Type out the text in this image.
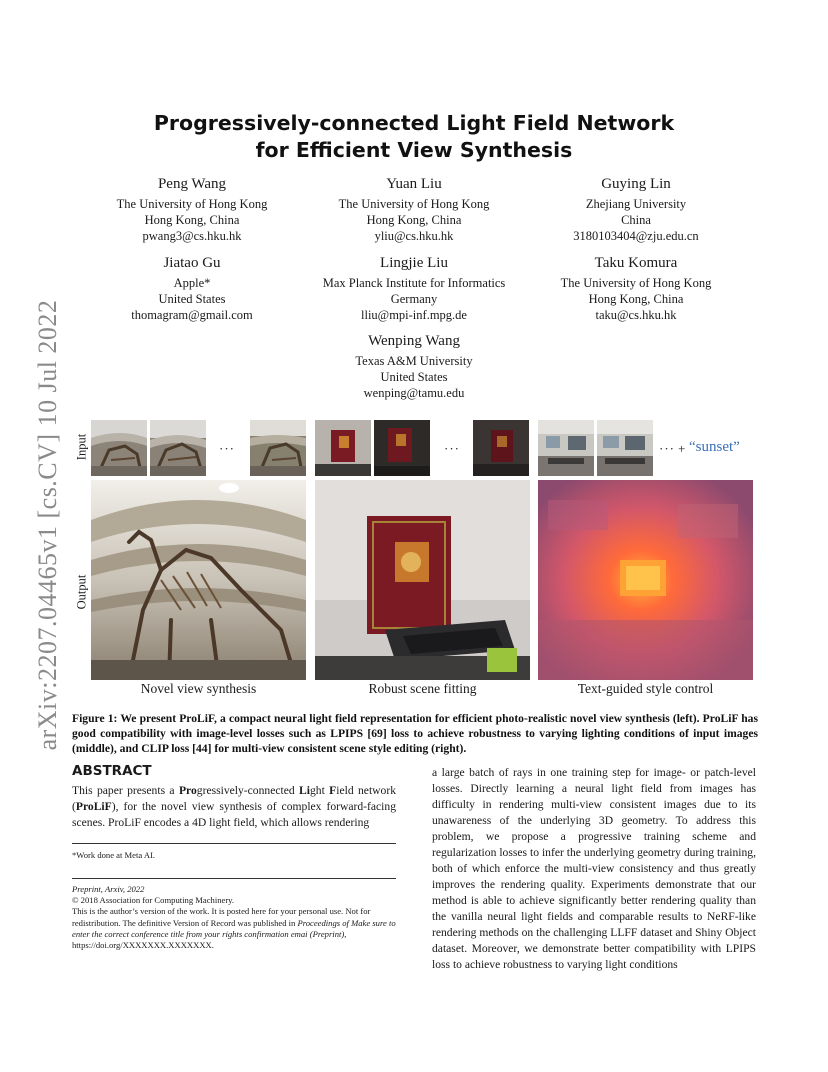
arXiv:2207.04465v1 [cs.CV] 10 Jul 2022
Progressively-connected Light Field Network
for Efficient View Synthesis
Peng Wang
The University of Hong Kong
Hong Kong, China
pwang3@cs.hku.hk
Yuan Liu
The University of Hong Kong
Hong Kong, China
yliu@cs.hku.hk
Guying Lin
Zhejiang University
China
3180103404@zju.edu.cn
Jiatao Gu
Apple*
United States
thomagram@gmail.com
Lingjie Liu
Max Planck Institute for Informatics
Germany
lliu@mpi-inf.mpg.de
Taku Komura
The University of Hong Kong
Hong Kong, China
taku@cs.hku.hk
Wenping Wang
Texas A&M University
United States
wenping@tamu.edu
Input
Output
···	···	··· + “sunset”
Novel view synthesis	Robust scene fitting	Text-guided style control
Figure 1: We present ProLiF, a compact neural light field representation for efficient photo-realistic novel view synthesis (left). ProLiF has good compatibility with image-level losses such as LPIPS [69] loss to achieve robustness to varying lighting conditions of input images (middle), and CLIP loss [44] for multi-view consistent scene style editing (right).
ABSTRACT
This paper presents a Progressively-connected Light Field network (ProLiF), for the novel view synthesis of complex forward-facing scenes. ProLiF encodes a 4D light field, which allows rendering
*Work done at Meta AI.
Preprint, Arxiv, 2022
© 2018 Association for Computing Machinery.
This is the author’s version of the work. It is posted here for your personal use. Not for redistribution. The definitive Version of Record was published in Proceedings of Make sure to enter the correct conference title from your rights confirmation emai (Preprint), https://doi.org/XXXXXXX.XXXXXXX.
a large batch of rays in one training step for image- or patch-level losses. Directly learning a neural light field from images has difficulty in rendering multi-view consistent images due to its unawareness of the underlying 3D geometry. To address this problem, we propose a progressive training scheme and regularization losses to infer the underlying geometry during training, both of which enforce the multi-view consistency and thus greatly improves the rendering quality. Experiments demonstrate that our method is able to achieve significantly better rendering quality than the vanilla neural light fields and comparable results to NeRF-like rendering methods on the challenging LLFF dataset and Shiny Object dataset. Moreover, we demonstrate better compatibility with LPIPS loss to achieve robustness to varying light conditions
